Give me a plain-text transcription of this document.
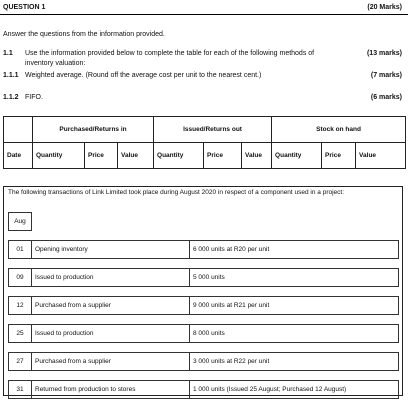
QUESTION 1	(20 Marks)
Answer the questions from the information provided.
1.1 Use the information provided below to complete the table for each of the following methods of
inventory valuation:
(13 marks)
1.1.1 Weighted average. (Round off the average cost per unit to the nearest cent.)	(7 marks)
1.1.2 FIFO.	(6 marks)
	Purchased/Returns in			Issued/Returns out			Stock on hand		
Date	Quantity	Price	Value	Quantity	Price	Value	Quantity	Price	Value
The following transactions of Link Limited took place during August 2020 in respect of a component used in a project:
Aug		

01	Opening inventory	6 000 units at R20 per unit

09	Issued to production	5 000 units

12	Purchased from a supplier	9 000 units at R21 per unit

25	Issued to production	8 000 units

27	Purchased from a supplier	3 000 units at R22 per unit

31	Returned from production to stores	1 000 units (Issued 25 August; Purchased 12 August)
